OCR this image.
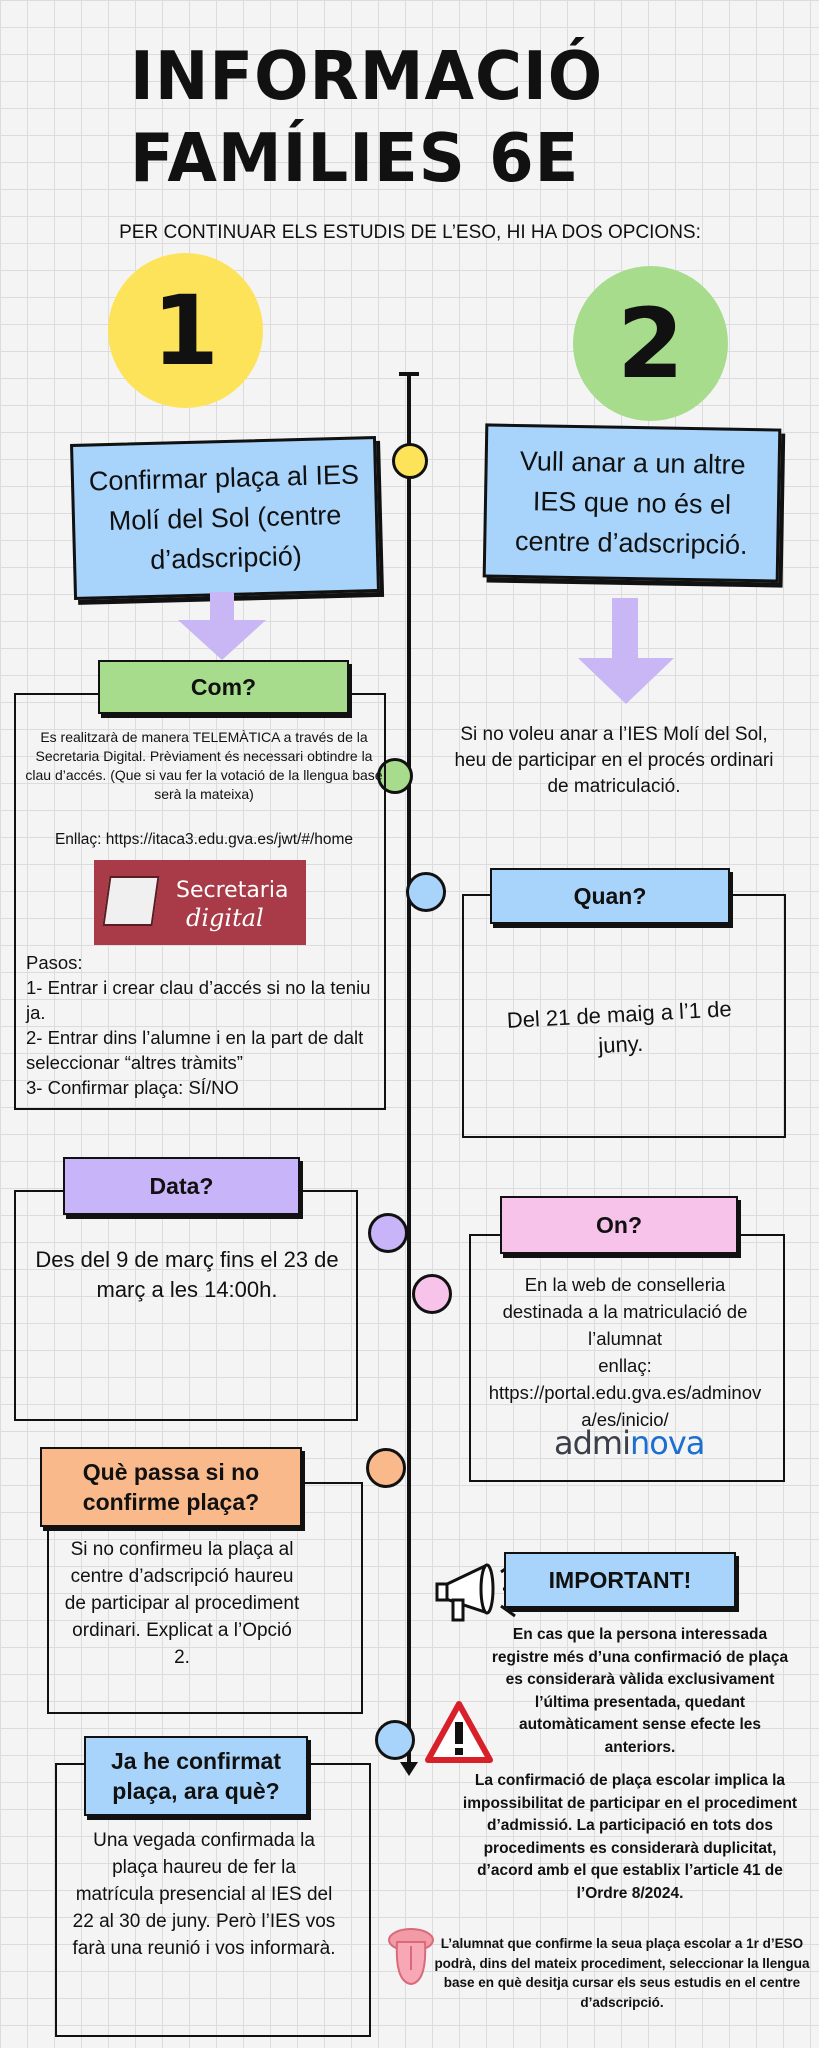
INFORMACIÓ
FAMÍLIES 6E
PER CONTINUAR ELS ESTUDIS DE L’ESO, HI HA DOS OPCIONS:
1	2
Confirmar plaça al IES Molí del Sol (centre d’adscripció)
Com?
Es realitzarà de manera TELEMÀTICA a través de la Secretaria Digital. Prèviament és necessari obtindre la clau d’accés. (Que si vau fer la votació de la llengua base serà la mateixa)
Enllaç: https://itaca3.edu.gva.es/jwt/#/home
Secretaria
digital
Pasos:
1- Entrar i crear clau d’accés si no la teniu ja.
2- Entrar dins l’alumne i en la part de dalt seleccionar “altres tràmits”
3- Confirmar plaça: SÍ/NO
Data?
Des del 9 de març fins el 23 de març a les 14:00h.
Què passa si no confirme plaça?
Si no confirmeu la plaça al centre d’adscripció haureu de participar al procediment ordinari. Explicat a l’Opció 2.
Ja he confirmat plaça, ara què?
Una vegada confirmada la plaça haureu de fer la matrícula presencial al IES del 22 al 30 de juny. Però l’IES vos farà una reunió i vos informarà.
Vull anar a un altre IES que no és el centre d’adscripció.
Si no voleu anar a l’IES Molí del Sol, heu de participar en el procés ordinari de matriculació.
Quan?
Del 21 de maig a l’1 de juny.
On?
En la web de conselleria destinada a la matriculació de l’alumnat
enllaç:
https://portal.edu.gva.es/adminova/es/inicio/
adminova
IMPORTANT!
En cas que la persona interessada registre més d’una confirmació de plaça es considerarà vàlida exclusivament l’última presentada, quedant automàticament sense efecte les anteriors.
La confirmació de plaça escolar implica la impossibilitat de participar en el procediment d’admissió. La participació en tots dos procediments es considerarà duplicitat, d’acord amb el que establix l’article 41 de l’Ordre 8/2024.
L’alumnat que confirme la seua plaça escolar a 1r d’ESO podrà, dins del mateix procediment, seleccionar la llengua base en què desitja cursar els seus estudis en el centre d’adscripció.
